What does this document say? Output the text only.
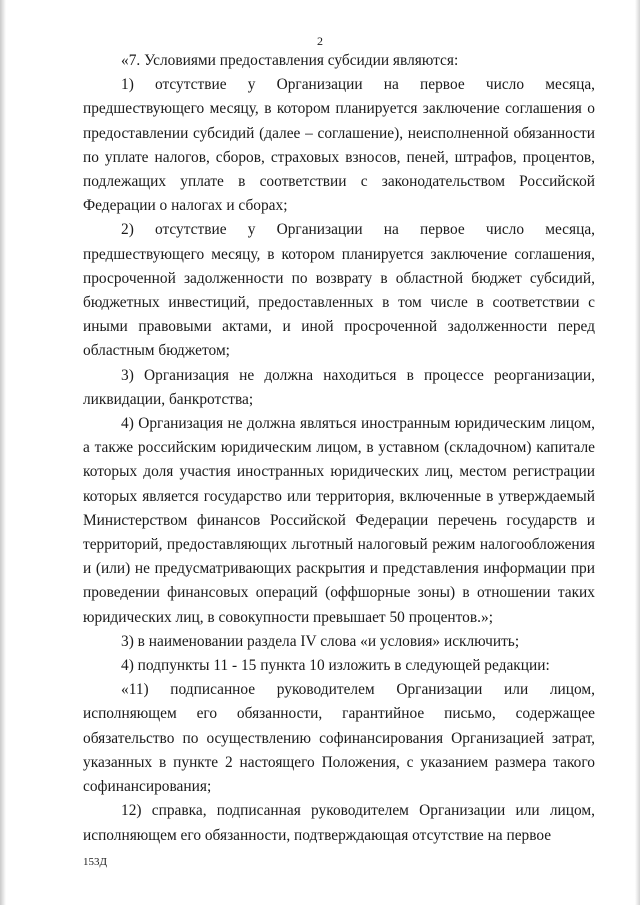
2

«7. Условиями предоставления субсидии являются:

1) отсутствие у Организации на первое число месяца, предшествующего месяцу, в котором планируется заключение соглашения о предоставлении субсидий (далее – соглашение), неисполненной обязанности по уплате налогов, сборов, страховых взносов, пеней, штрафов, процентов, подлежащих уплате в соответствии с законодательством Российской Федерации о налогах и сборах;

2) отсутствие у Организации на первое число месяца, предшествующего месяцу, в котором планируется заключение соглашения, просроченной задолженности по возврату в областной бюджет субсидий, бюджетных инвестиций, предоставленных в том числе в соответствии с иными правовыми актами, и иной просроченной задолженности перед областным бюджетом;

3) Организация не должна находиться в процессе реорганизации, ликвидации, банкротства;

4) Организация не должна являться иностранным юридическим лицом, а также российским юридическим лицом, в уставном (складочном) капитале которых доля участия иностранных юридических лиц, местом регистрации которых является государство или территория, включенные в утверждаемый Министерством финансов Российской Федерации перечень государств и территорий, предоставляющих льготный налоговый режим налогообложения и (или) не предусматривающих раскрытия и представления информации при проведении финансовых операций (оффшорные зоны) в отношении таких юридических лиц, в совокупности превышает 50 процентов.»;

3) в наименовании раздела IV слова «и условия» исключить;

4) подпункты 11 - 15 пункта 10 изложить в следующей редакции:

«11) подписанное руководителем Организации или лицом, исполняющем его обязанности, гарантийное письмо, содержащее обязательство по осуществлению софинансирования Организацией затрат, указанных в пункте 2 настоящего Положения, с указанием размера такого софинансирования;

12) справка, подписанная руководителем Организации или лицом, исполняющем его обязанности, подтверждающая отсутствие на первое

153Д
